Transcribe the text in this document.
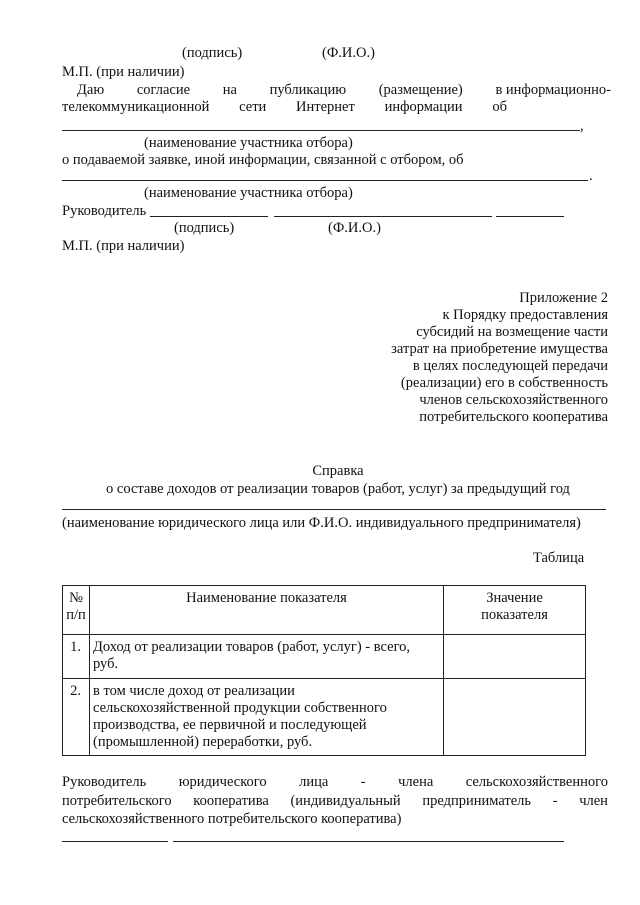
(подпись)	(Ф.И.О.)
М.П. (при наличии)
Даю согласие на публикацию (размещение) в информационно-
телекоммуникационной сети Интернет информации об
,
(наименование участника отбора)
о подаваемой заявке, иной информации, связанной с отбором, об
.
(наименование участника отбора)
Руководитель
(подпись)	(Ф.И.О.)
М.П. (при наличии)
Приложение 2
к Порядку предоставления
субсидий на возмещение части
затрат на приобретение имущества
в целях последующей передачи
(реализации) его в собственность
членов сельскохозяйственного
потребительского кооператива
Справка
о составе доходов от реализации товаров (работ, услуг) за предыдущий год
(наименование юридического лица или Ф.И.О. индивидуального предпринимателя)
Таблица
№
п/п	Наименование показателя	Значение
показателя
1.	Доход от реализации товаров (работ, услуг) - всего,
руб.	
2.	в том числе доход от реализации
сельскохозяйственной продукции собственного
производства, ее первичной и последующей
(промышленной) переработки, руб.	
Руководитель юридического лица - члена сельскохозяйственного
потребительского кооператива (индивидуальный предприниматель - член
сельскохозяйственного потребительского кооператива)
